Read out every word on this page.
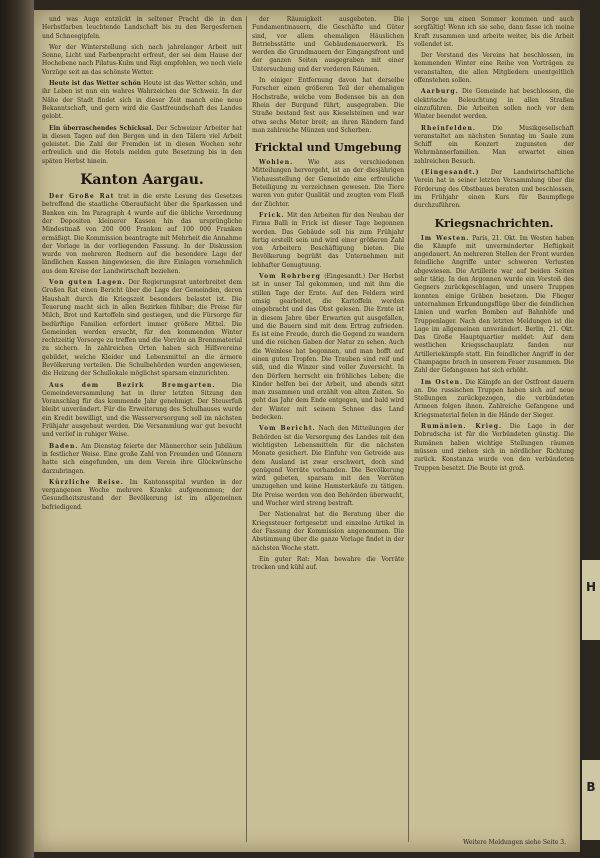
und was Auge entzückt in seltener Pracht die in den Herbstfarben leuchtende Landschaft bis zu den Bergesfernen und Schneegipfeln.

Wer der Winterstellung sich nach jahrelanger Arbeit mit Sonne, Licht und Farbenpracht erfreut, der sei dem Hause der Hochebene nach Pilatus-Kulm und Rigi empfohlen, wo noch viele Vorzüge seit an das schönste Wetter.

Heute ist das Wetter schön Heute ist das Wetter schön, und ihr Leben ist nun ein wahres Wahrzeichen der Schweiz. In der Nähe der Stadt findet sich in dieser Zeit manch eine neue Bekanntschaft, und gern wird die Gastfreundschaft des Landes gelobt.

Ein überraschendes Schicksal. Der Schweizer Arbeiter hat in diesen Tagen auf den Bergen und in den Tälern viel Arbeit geleistet. Die Zahl der Fremden ist in diesen Wochen sehr erfreulich und die Hotels melden gute Besetzung bis in den späten Herbst hinein.

Kanton Aargau.

Der Große Rat trat in die erste Lesung des Gesetzes betreffend die staatliche Oberaufsicht über die Sparkassen und Banken ein. Im Paragraph 4 wurde auf die übliche Verordnung der Depositen kleinerer Kassen hin das ursprüngliche Mindestmaß von 200 000 Franken auf 100 000 Franken ermäßigt. Die Kommission beantragte mit Mehrheit die Annahme der Vorlage in der vorliegenden Fassung. In der Diskussion wurde von mehreren Rednern auf die besondere Lage der ländlichen Kassen hingewiesen, die ihre Einlagen vornehmlich aus dem Kreise der Landwirtschaft beziehen.

Von guten Lagen. Der Regierungsrat unterbreitet dem Großen Rat einen Bericht über die Lage der Gemeinden, deren Haushalt durch die Kriegszeit besonders belastet ist. Die Teuerung macht sich in allen Bezirken fühlbar; die Preise für Milch, Brot und Kartoffeln sind gestiegen, und die Fürsorge für bedürftige Familien erfordert immer größere Mittel. Die Gemeinden werden ersucht, für den kommenden Winter rechtzeitig Vorsorge zu treffen und die Vorräte an Brennmaterial zu sichern. In zahlreichen Orten haben sich Hilfsvereine gebildet, welche Kleider und Lebensmittel an die ärmere Bevölkerung verteilen. Die Schulbehörden wurden angewiesen, die Heizung der Schullokale möglichst sparsam einzurichten.

Aus dem Bezirk Bremgarten.	Die Gemeindeversammlung hat in ihrer letzten Sitzung den Voranschlag für das kommende Jahr genehmigt. Der Steuerfuß bleibt unverändert. Für die Erweiterung des Schulhauses wurde ein Kredit bewilligt, und die Wasserversorgung soll im nächsten Frühjahr ausgebaut werden. Die Versammlung war gut besucht und verlief in ruhiger Weise.

Baden. Am Dienstag feierte der Männerchor sein Jubiläum in festlicher Weise. Eine große Zahl von Freunden und Gönnern hatte sich eingefunden, um dem Verein ihre Glückwünsche darzubringen.

Kürzliche Reise. Im Kantonsspital wurden in der vergangenen Woche mehrere Kranke aufgenommen; der Gesundheitszustand der Bevölkerung ist im allgemeinen befriedigend.

der Räumigkeit ausgeboten. Die Fundamentmauern, die Geschäfte und Güter sind, vor allem ehemaligen Häuslichen Betriebsstätte und Gebäudemauerwerk. Es werden die Grundmauern der Eingangsfront und der ganzen Seiten ausgegraben mit einer Untersuchung und der vorderen Räumen.

In einiger Entfernung davon hat derselbe Forscher einen größeren Teil der ehemaligen Hochstraße, welche vom Bodensee bis an den Rhein der Burgund führt, ausgegraben. Die Straße bestand fest aus Kieselsteinen und war etwa sechs Meter breit; an ihren Rändern fand man zahlreiche Münzen und Scherben.

Fricktal und Umgebung

Wohlen. Wie aus verschiedenen Mitteilungen hervorgeht, ist an der diesjährigen Viehausstellung der Gemeinde eine erfreuliche Beteiligung zu verzeichnen gewesen. Die Tiere waren von guter Qualität und zeugten vom Fleiß der Züchter.

Frick. Mit den Arbeiten für den Neubau der Firma Balli in Frick ist dieser Tage begonnen worden. Das Gebäude soll bis zum Frühjahr fertig erstellt sein und wird einer größeren Zahl von Arbeitern Beschäftigung bieten. Die Bevölkerung begrüßt das Unternehmen mit lebhafter Genugtuung.

Vom Rohrberg (Eingesandt.) Der Herbst ist in unser Tal gekommen, und mit ihm die stillen Tage der Ernte. Auf den Feldern wird emsig gearbeitet, die Kartoffeln werden eingebracht und das Obst gelesen. Die Ernte ist in diesem Jahre über Erwarten gut ausgefallen, und die Bauern sind mit dem Ertrag zufrieden. Es ist eine Freude, durch die Gegend zu wandern und die reichen Gaben der Natur zu sehen. Auch die Weinlese hat begonnen, und man hofft auf einen guten Tropfen. Die Trauben sind reif und süß, und die Winzer sind voller Zuversicht. In den Dörfern herrscht ein fröhliches Leben; die Kinder helfen bei der Arbeit, und abends sitzt man zusammen und erzählt von alten Zeiten. So geht das Jahr dem Ende entgegen, und bald wird der Winter mit seinem Schnee das Land bedecken.

Vom Bericht. Nach den Mitteilungen der Behörden ist die Versorgung des Landes mit den wichtigsten Lebensmitteln für die nächsten Monate gesichert. Die Einfuhr von Getreide aus dem Ausland ist zwar erschwert, doch sind genügend Vorräte vorhanden. Die Bevölkerung wird gebeten, sparsam mit den Vorräten umzugehen und keine Hamsterkäufe zu tätigen. Die Preise werden von den Behörden überwacht, und Wucher wird streng bestraft.

Der Nationalrat hat die Beratung über die Kriegssteuer fortgesetzt und einzelne Artikel in der Fassung der Kommission angenommen. Die Abstimmung über die ganze Vorlage findet in der nächsten Woche statt.

Ein guter Rat: Man bewahre die Vorräte trocken und kühl auf.

Sorge um einen Sommer kommen und auch sorgfältig! Wenn ich sie sehe, dann fasse ich meine Kraft zusammen und arbeite weiter, bis die Arbeit vollendet ist.

Der Vorstand des Vereins hat beschlossen, im kommenden Winter eine Reihe von Vorträgen zu veranstalten, die allen Mitgliedern unentgeltlich offenstehen sollen.

Aarburg. Die Gemeinde hat beschlossen, die elektrische Beleuchtung in allen Straßen einzuführen. Die Arbeiten sollen noch vor dem Winter beendet werden.

Rheinfelden.	Die Musikgesellschaft veranstaltet am nächsten Sonntag im Saale zum Schiff ein Konzert zugunsten der Wehrmännerfamilien. Man erwartet einen zahlreichen Besuch.

(Eingesandt.) Der Landwirtschaftliche Verein hat in seiner letzten Versammlung über die Förderung des Obstbaues beraten und beschlossen, im Frühjahr einen Kurs für Baumpflege durchzuführen.

Kriegsnachrichten.

Im Westen. Paris, 21. Okt. Im Westen haben die Kämpfe mit unverminderter Heftigkeit angedauert. An mehreren Stellen der Front wurden feindliche Angriffe unter schweren Verlusten abgewiesen. Die Artillerie war auf beiden Seiten sehr tätig. In den Argonnen wurde ein Vorstoß des Gegners zurückgeschlagen, und unsere Truppen konnten einige Gräben besetzen. Die Flieger unternahmen Erkundungsflüge über die feindlichen Linien und warfen Bomben auf Bahnhöfe und Truppenlager. Nach den letzten Meldungen ist die Lage im allgemeinen unverändert. Berlin, 21. Okt. Das Große Hauptquartier meldet: Auf dem westlichen Kriegsschauplatz fanden nur Artilleriekämpfe statt. Ein feindlicher Angriff in der Champagne brach in unserem Feuer zusammen. Die Zahl der Gefangenen hat sich erhöht.

Im Osten. Die Kämpfe an der Ostfront dauern an. Die russischen Truppen haben sich auf neue Stellungen zurückgezogen, die verbündeten Armeen folgen ihnen. Zahlreiche Gefangene und Kriegsmaterial fielen in die Hände der Sieger.

Rumänien. Krieg. Die Lage in der Dobrudscha ist für die Verbündeten günstig. Die Rumänen haben wichtige Stellungen räumen müssen und ziehen sich in nördlicher Richtung zurück. Konstanza wurde von den verbündeten Truppen besetzt. Die Beute ist groß.

Weitere Meldungen siehe Seite 3.
H
B
